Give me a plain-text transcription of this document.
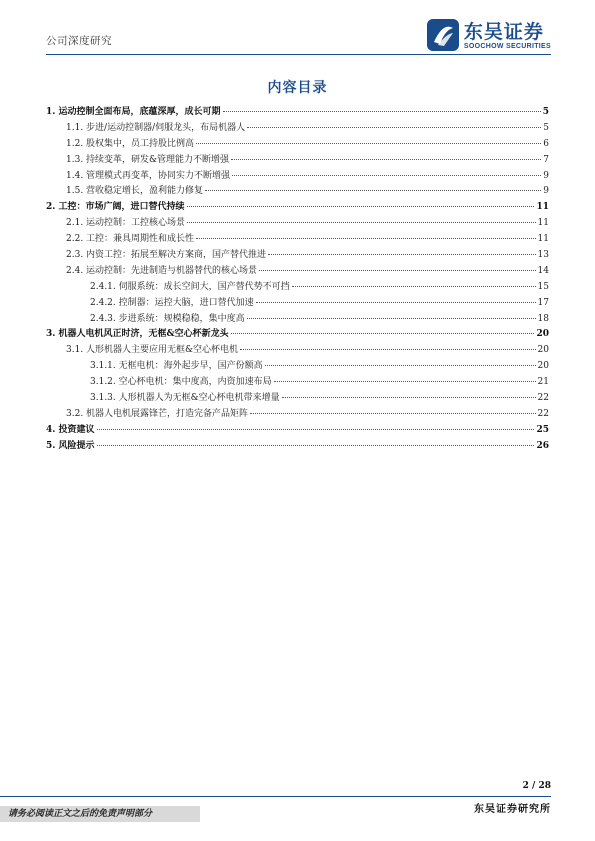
公司深度研究	东吴证券
SOOCHOW SECURITIES
内容目录
1. 运动控制全面布局，底蕴深厚，成长可期	5
1.1. 步进/运动控制器/伺服龙头，布局机器人	5
1.2. 股权集中，员工持股比例高	6
1.3. 持续变革，研发&管理能力不断增强	7
1.4. 管理模式再变革，协同实力不断增强	9
1.5. 营收稳定增长，盈利能力修复	9
2. 工控：市场广阔，进口替代持续	11
2.1. 运动控制：工控核心场景	11
2.2. 工控：兼具周期性和成长性	11
2.3. 内资工控：拓展至解决方案商，国产替代推进	13
2.4. 运动控制：先进制造与机器替代的核心场景	14
2.4.1. 伺服系统：成长空间大，国产替代势不可挡	15
2.4.2. 控制器：运控大脑，进口替代加速	17
2.4.3. 步进系统：规模稳稳，集中度高	18
3. 机器人电机风正时济，无框&空心杯新龙头	20
3.1. 人形机器人主要应用无框&空心杯电机	20
3.1.1. 无框电机：海外起步早，国产份额高	20
3.1.2. 空心杯电机：集中度高，内资加速布局	21
3.1.3. 人形机器人为无框&空心杯电机带来增量	22
3.2. 机器人电机展露锋芒，打造完备产品矩阵	22
4. 投资建议	25
5. 风险提示	26
2 / 28
东吴证券研究所
请务必阅读正文之后的免责声明部分
